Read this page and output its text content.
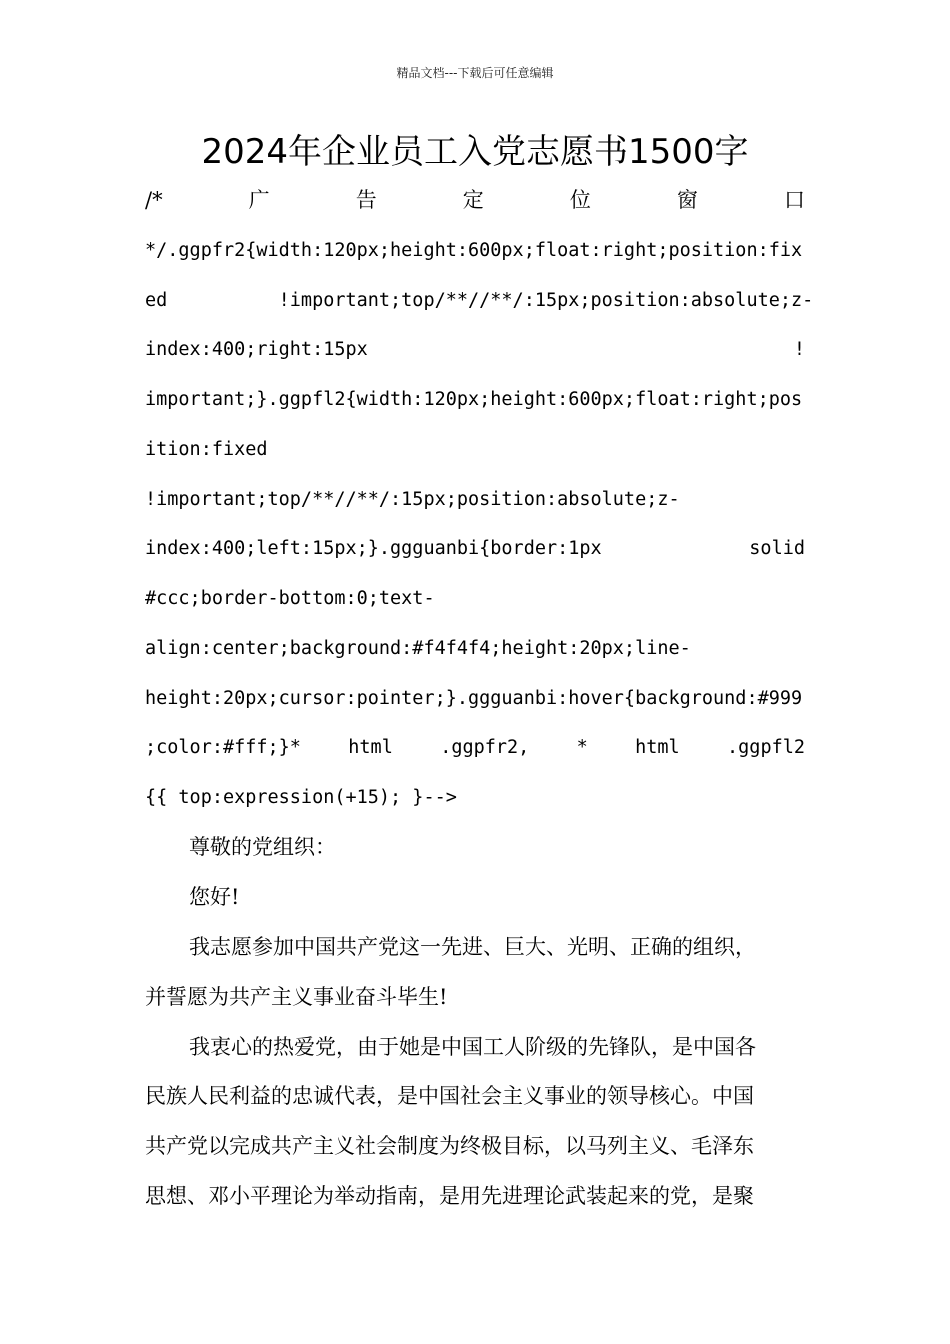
精品文档---下载后可任意编辑
2024年企业员工入党志愿书1500字
/*	广	告	定	位	窗	口
*/.ggpfr2{width:120px;height:600px;float:right;position:fix
ed          !important;top/**//**/:15px;position:absolute;z-
index:400;right:15px	!
important;}.ggpfl2{width:120px;height:600px;float:right;pos
ition:fixed
!important;top/**//**/:15px;position:absolute;z-
index:400;left:15px;}.ggguanbi{border:1px	solid
#ccc;border-bottom:0;text-
align:center;background:#f4f4f4;height:20px;line-
height:20px;cursor:pointer;}.ggguanbi:hover{background:#999
;color:#fff;}*	html	.ggpfr2,	*	html	.ggpfl2
{{ top:expression(+15); }-->
尊敬的党组织：
您好!
我志愿参加中国共产党这一先进、巨大、光明、正确的组织，
并誓愿为共产主义事业奋斗毕生!
我衷心的热爱党，由于她是中国工人阶级的先锋队，是中国各
民族人民利益的忠诚代表，是中国社会主义事业的领导核心。中国
共产党以完成共产主义社会制度为终极目标，以马列主义、毛泽东
思想、邓小平理论为举动指南，是用先进理论武装起来的党，是聚
